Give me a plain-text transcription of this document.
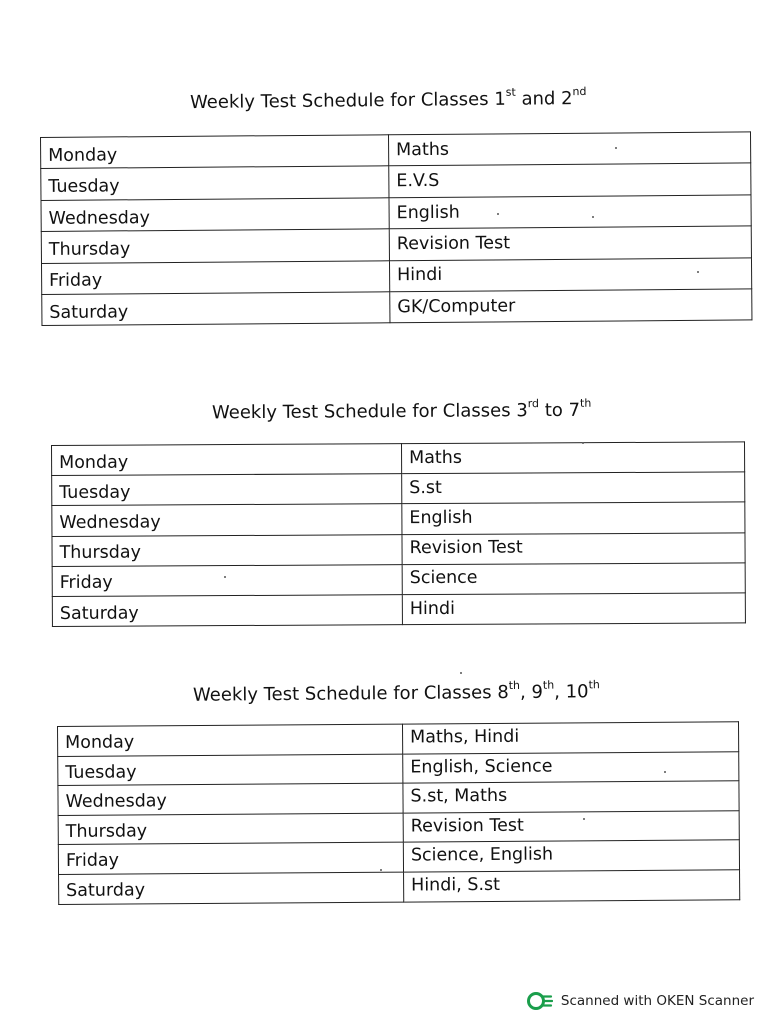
Weekly Test Schedule for Classes 1st and 2nd
Monday	Maths
Tuesday	E.V.S
Wednesday	English
Thursday	Revision Test
Friday	Hindi
Saturday	GK/Computer
Weekly Test Schedule for Classes 3rd to 7th
Monday	Maths
Tuesday	S.st
Wednesday	English
Thursday	Revision Test
Friday	Science
Saturday	Hindi
Weekly Test Schedule for Classes 8th, 9th, 10th
Monday	Maths, Hindi
Tuesday	English, Science
Wednesday	S.st, Maths
Thursday	Revision Test
Friday	Science, English
Saturday	Hindi, S.st
Scanned with OKEN Scanner
